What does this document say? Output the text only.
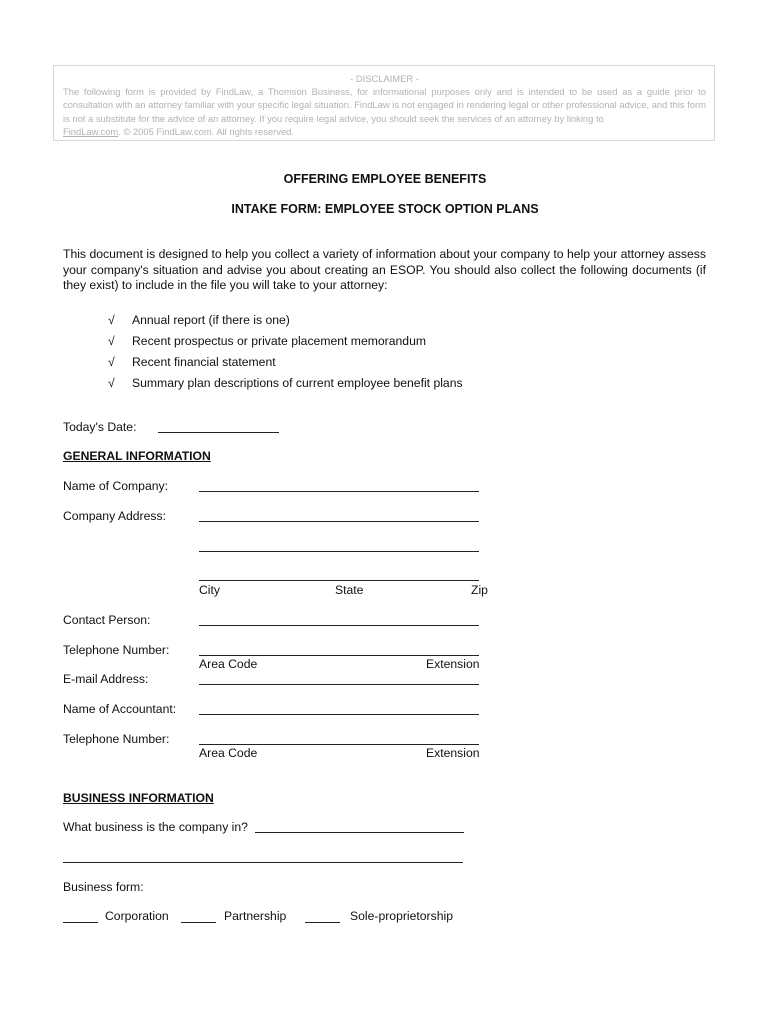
- DISCLAIMER -
The following form is provided by FindLaw, a Thomson Business, for informational purposes only and is intended to be used as a guide prior to consultation with an attorney familiar with your specific legal situation. FindLaw is not engaged in rendering legal or other professional advice, and this form is not a substitute for the advice of an attorney. If you require legal advice, you should seek the services of an attorney by linking to
FindLaw.com. © 2005 FindLaw.com. All rights reserved.
OFFERING EMPLOYEE BENEFITS
INTAKE FORM: EMPLOYEE STOCK OPTION PLANS
This document is designed to help you collect a variety of information about your company to help your attorney assess your company's situation and advise you about creating an ESOP. You should also collect the following documents (if they exist) to include in the file you will take to your attorney:
√ Annual report (if there is one)
√ Recent prospectus or private placement memorandum
√ Recent financial statement
√ Summary plan descriptions of current employee benefit plans
Today's Date:
GENERAL INFORMATION
Name of Company:
Company Address:
City	State	Zip
Contact Person:
Telephone Number:
Area Code	Extension
E-mail Address:
Name of Accountant:
Telephone Number:
Area Code	Extension
BUSINESS INFORMATION
What business is the company in?
Business form:
Corporation	Partnership	Sole-proprietorship
